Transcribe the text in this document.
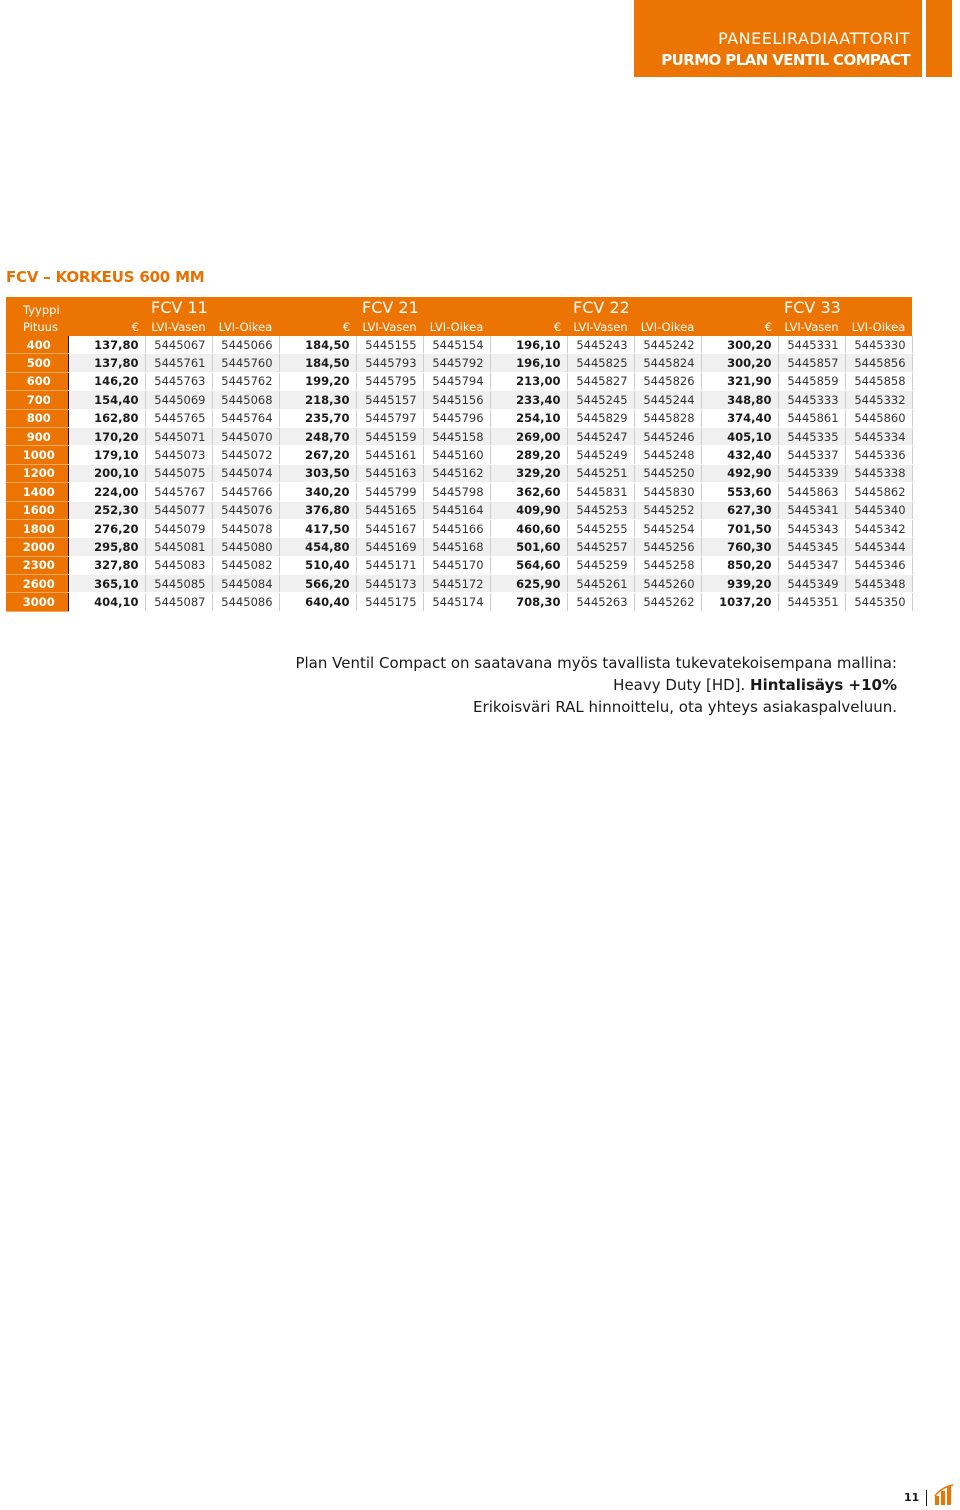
PANEELIRADIAATTORIT
PURMO PLAN VENTIL COMPACT
FCV – KORKEUS 600 MM
Tyyppi		FCV 11			FCV 21			FCV 22			FCV 33	
Pituus	€	LVI-Vasen	LVI-Oikea	€	LVI-Vasen	LVI-Oikea	€	LVI-Vasen	LVI-Oikea	€	LVI-Vasen	LVI-Oikea
400	137,80	5445067	5445066	184,50	5445155	5445154	196,10	5445243	5445242	300,20	5445331	5445330
500	137,80	5445761	5445760	184,50	5445793	5445792	196,10	5445825	5445824	300,20	5445857	5445856
600	146,20	5445763	5445762	199,20	5445795	5445794	213,00	5445827	5445826	321,90	5445859	5445858
700	154,40	5445069	5445068	218,30	5445157	5445156	233,40	5445245	5445244	348,80	5445333	5445332
800	162,80	5445765	5445764	235,70	5445797	5445796	254,10	5445829	5445828	374,40	5445861	5445860
900	170,20	5445071	5445070	248,70	5445159	5445158	269,00	5445247	5445246	405,10	5445335	5445334
1000	179,10	5445073	5445072	267,20	5445161	5445160	289,20	5445249	5445248	432,40	5445337	5445336
1200	200,10	5445075	5445074	303,50	5445163	5445162	329,20	5445251	5445250	492,90	5445339	5445338
1400	224,00	5445767	5445766	340,20	5445799	5445798	362,60	5445831	5445830	553,60	5445863	5445862
1600	252,30	5445077	5445076	376,80	5445165	5445164	409,90	5445253	5445252	627,30	5445341	5445340
1800	276,20	5445079	5445078	417,50	5445167	5445166	460,60	5445255	5445254	701,50	5445343	5445342
2000	295,80	5445081	5445080	454,80	5445169	5445168	501,60	5445257	5445256	760,30	5445345	5445344
2300	327,80	5445083	5445082	510,40	5445171	5445170	564,60	5445259	5445258	850,20	5445347	5445346
2600	365,10	5445085	5445084	566,20	5445173	5445172	625,90	5445261	5445260	939,20	5445349	5445348
3000	404,10	5445087	5445086	640,40	5445175	5445174	708,30	5445263	5445262	1037,20	5445351	5445350
Plan Ventil Compact on saatavana myös tavallista tukevatekoisempana mallina:
Heavy Duty [HD]. Hintalisäys +10%
Erikoisväri RAL hinnoittelu, ota yhteys asiakaspalveluun.
11
